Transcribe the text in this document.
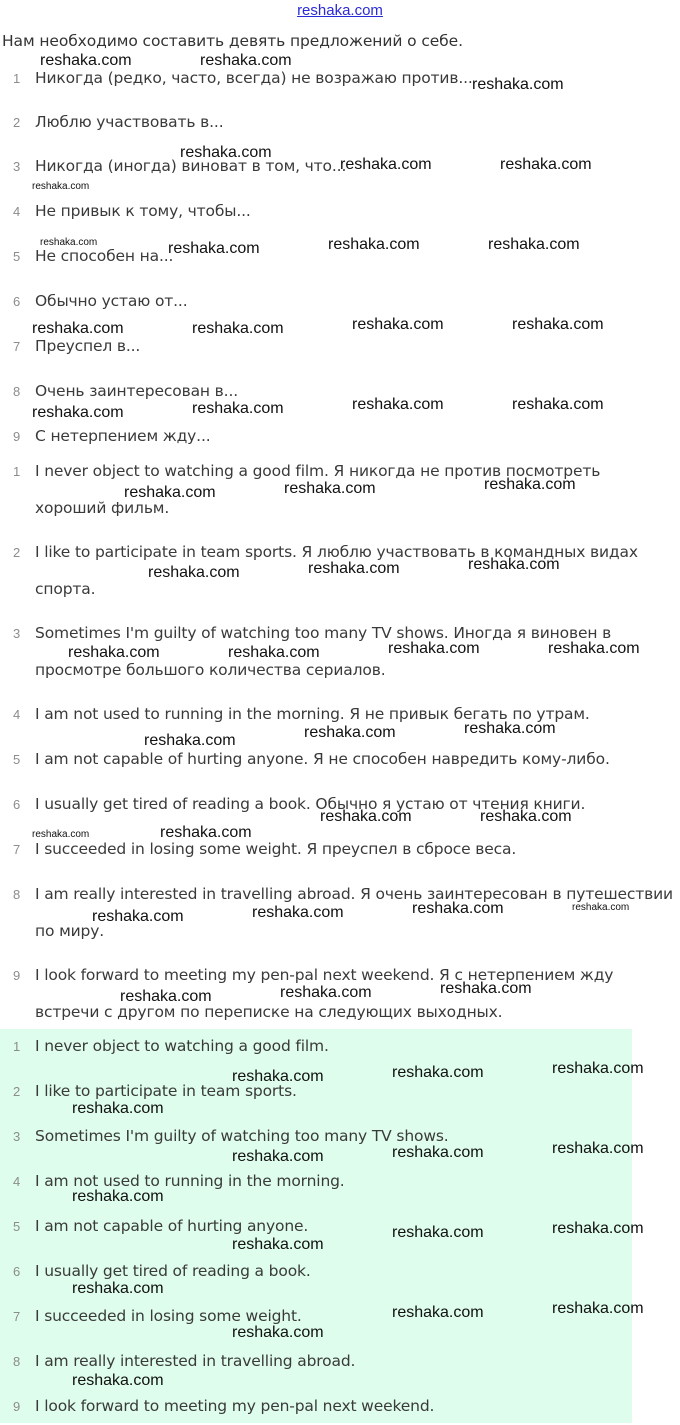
reshaka.com

Нам необходимо составить девять предложений о себе.

1 Никогда (редко, часто, всегда) не возражаю против...
2 Люблю участвовать в...
3 Никогда (иногда) виноват в том, что...
4 Не привык к тому, чтобы...
5 Не способен на...
6 Обычно устаю от...
7 Преуспел в...
8 Очень заинтересован в...
9 С нетерпением жду...
1 I never object to watching a good film. Я никогда не против посмотреть хороший фильм.
2 I like to participate in team sports. Я люблю участвовать в командных видах спорта.
3 Sometimes I'm guilty of watching too many TV shows. Иногда я виновен в просмотре большого количества сериалов.
4 I am not used to running in the morning. Я не привык бегать по утрам.
5 I am not capable of hurting anyone. Я не способен навредить кому-либо.
6 I usually get tired of reading a book. Обычно я устаю от чтения книги.
7 I succeeded in losing some weight. Я преуспел в сбросе веса.
8 I am really interested in travelling abroad. Я очень заинтересован в путешествии по миру.
9 I look forward to meeting my pen-pal next weekend. Я с нетерпением жду встречи с другом по переписке на следующих выходных.
1 I never object to watching a good film.
2 I like to participate in team sports.
3 Sometimes I'm guilty of watching too many TV shows.
4 I am not used to running in the morning.
5 I am not capable of hurting anyone.
6 I usually get tired of reading a book.
7 I succeeded in losing some weight.
8 I am really interested in travelling abroad.
9 I look forward to meeting my pen-pal next weekend.

reshaka.com	reshaka.com

reshaka.com

reshaka.com

reshaka.com	reshaka.com

reshaka.com

reshaka.com	reshaka.com	reshaka.com	reshaka.com

reshaka.com	reshaka.com	reshaka.com	reshaka.com

reshaka.com	reshaka.com	reshaka.com	reshaka.com

reshaka.com	reshaka.com	reshaka.com

reshaka.com	reshaka.com	reshaka.com

reshaka.com	reshaka.com	reshaka.com	reshaka.com

reshaka.com	reshaka.com	reshaka.com

reshaka.com	reshaka.com

reshaka.com	reshaka.com

reshaka.com	reshaka.com	reshaka.com	reshaka.com

reshaka.com	reshaka.com	reshaka.com

reshaka.com	reshaka.com	reshaka.com

reshaka.com

reshaka.com	reshaka.com	reshaka.com

reshaka.com

reshaka.com

reshaka.com	reshaka.com

reshaka.com

reshaka.com	reshaka.com

reshaka.com

reshaka.com
